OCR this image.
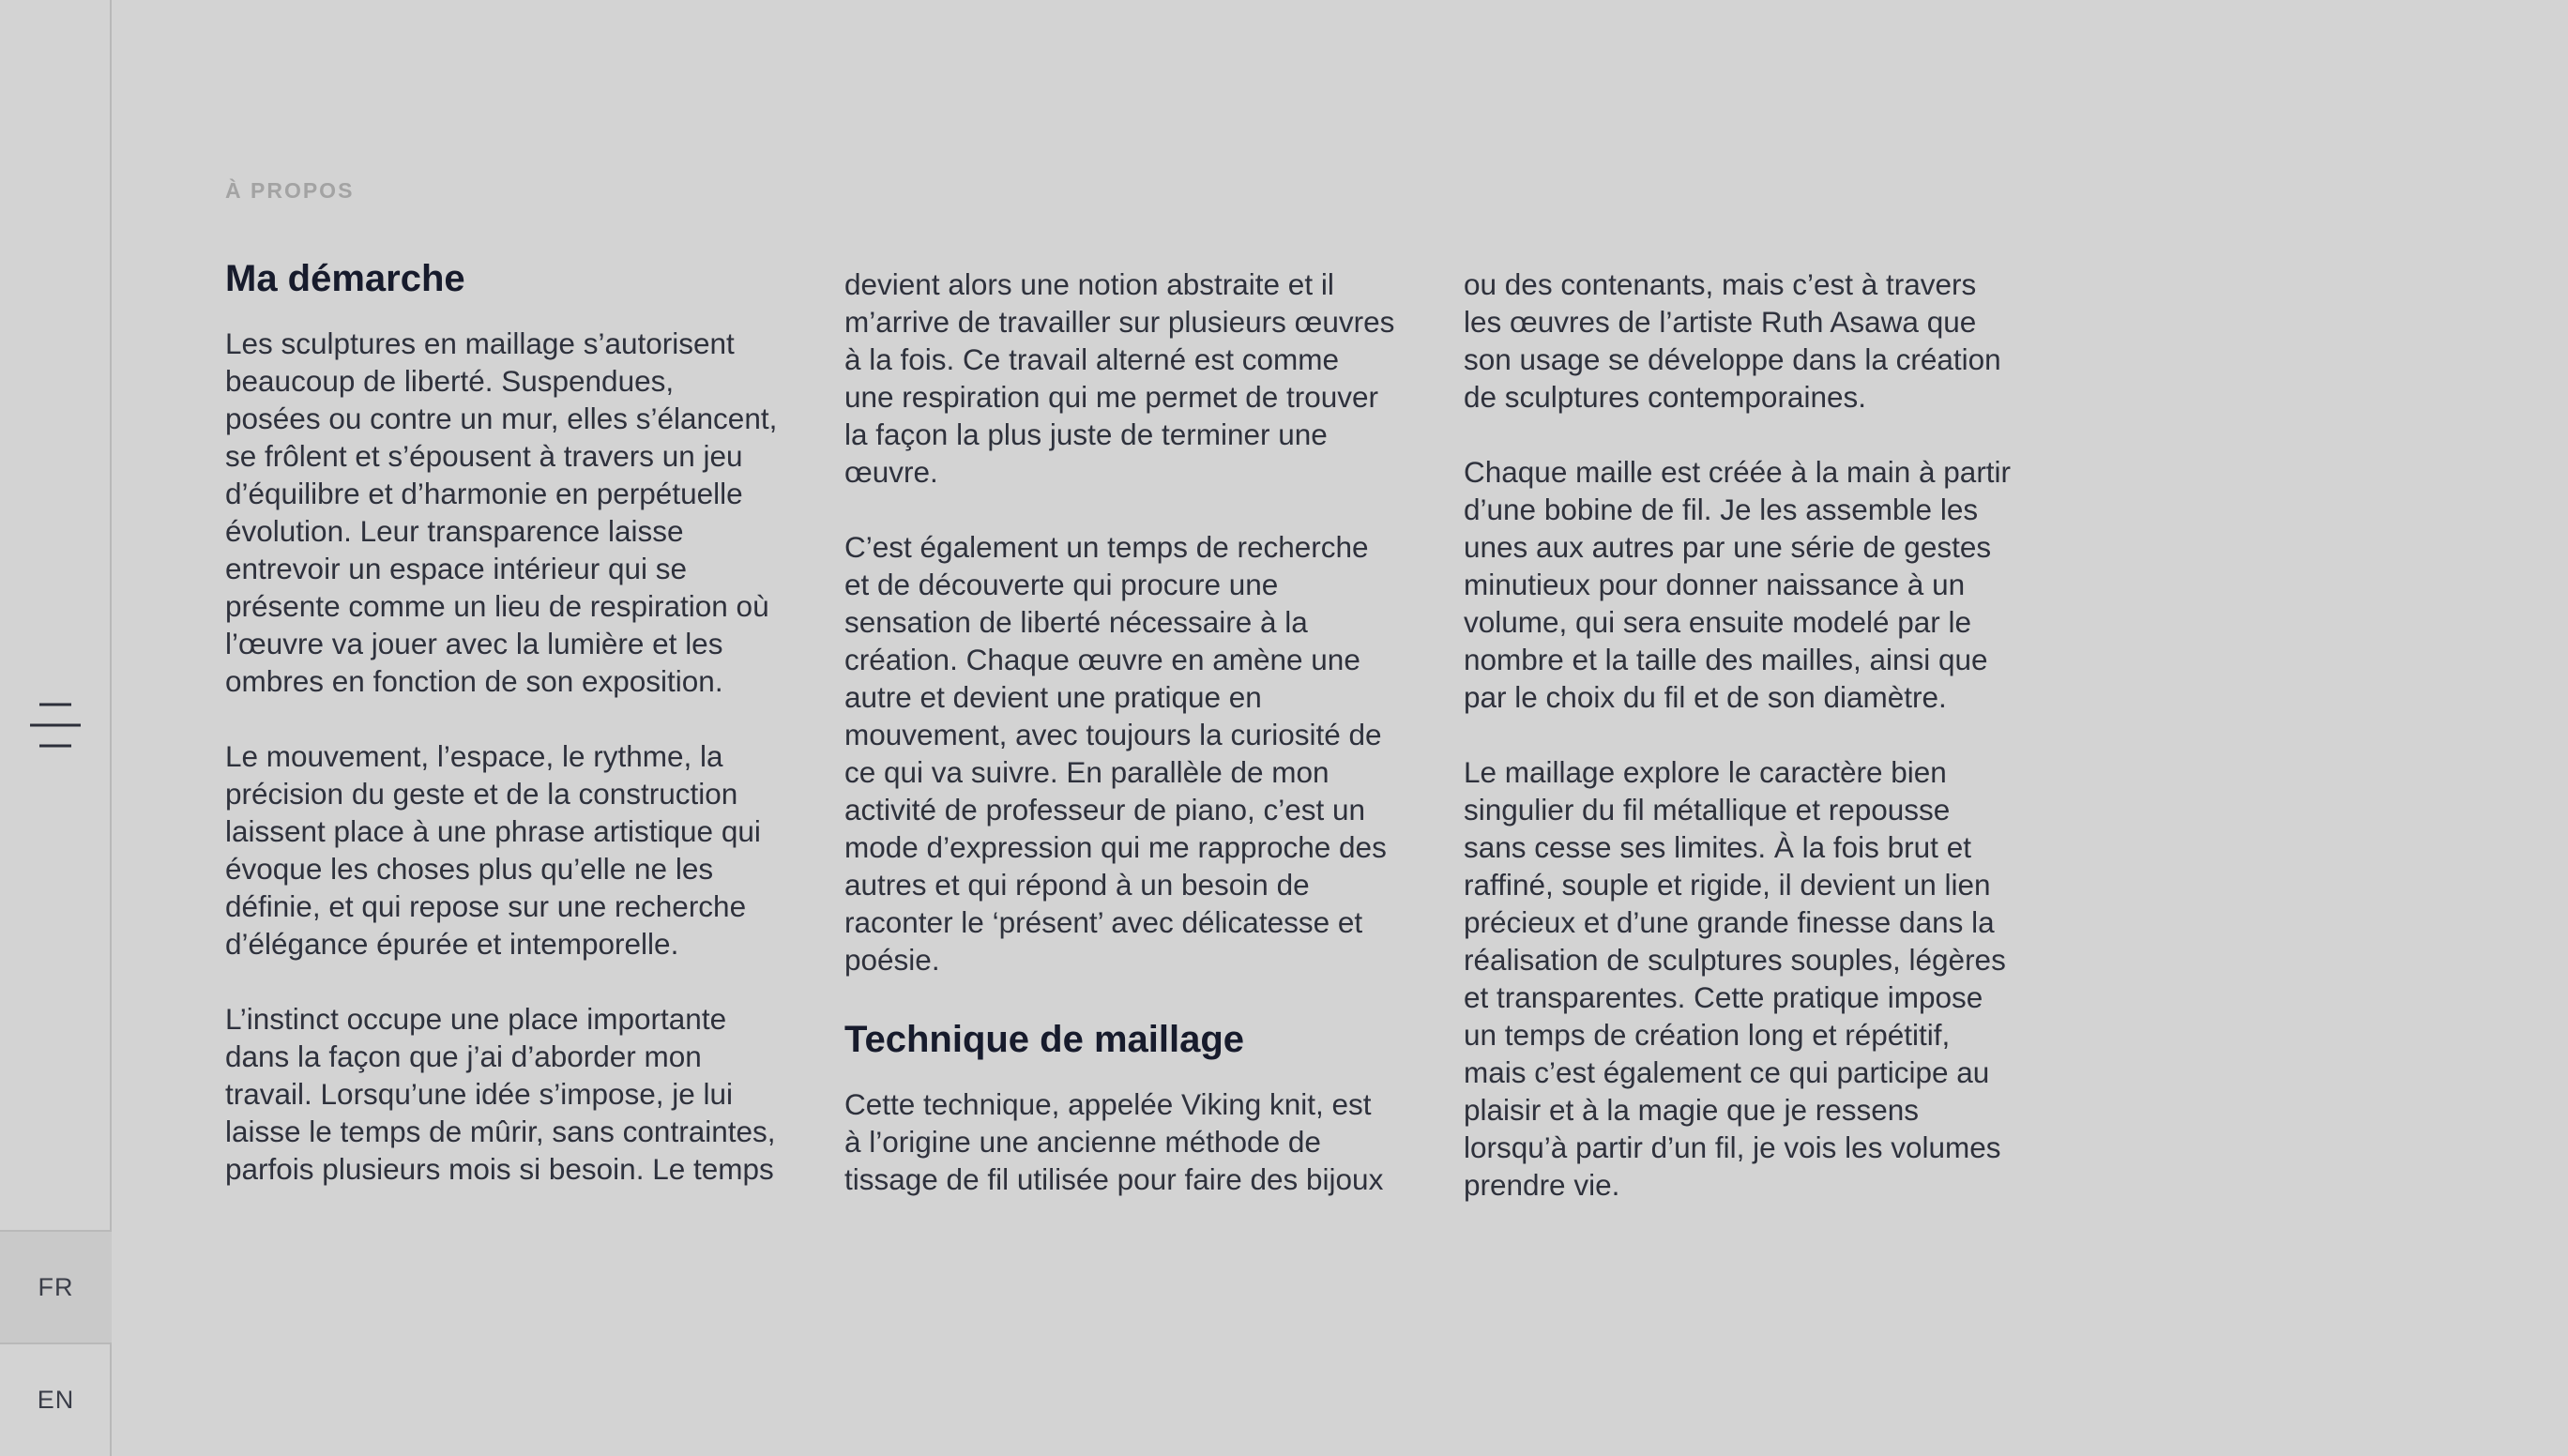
FR
EN
À PROPOS
Ma démarche

Les sculptures en maillage s’autorisent
beaucoup de liberté. Suspendues,
posées ou contre un mur, elles s’élancent,
se frôlent et s’épousent à travers un jeu
d’équilibre et d’harmonie en perpétuelle
évolution. Leur transparence laisse
entrevoir un espace intérieur qui se
présente comme un lieu de respiration où
l’œuvre va jouer avec la lumière et les
ombres en fonction de son exposition.

Le mouvement, l’espace, le rythme, la
précision du geste et de la construction
laissent place à une phrase artistique qui
évoque les choses plus qu’elle ne les
définie, et qui repose sur une recherche
d’élégance épurée et intemporelle.

L’instinct occupe une place importante
dans la façon que j’ai d’aborder mon
travail. Lorsqu’une idée s’impose, je lui
laisse le temps de mûrir, sans contraintes,
parfois plusieurs mois si besoin. Le temps

devient alors une notion abstraite et il
m’arrive de travailler sur plusieurs œuvres
à la fois. Ce travail alterné est comme
une respiration qui me permet de trouver
la façon la plus juste de terminer une
œuvre.

C’est également un temps de recherche
et de découverte qui procure une
sensation de liberté nécessaire à la
création. Chaque œuvre en amène une
autre et devient une pratique en
mouvement, avec toujours la curiosité de
ce qui va suivre. En parallèle de mon
activité de professeur de piano, c’est un
mode d’expression qui me rapproche des
autres et qui répond à un besoin de
raconter le ‘présent’ avec délicatesse et
poésie.

Technique de maillage

Cette technique, appelée Viking knit, est
à l’origine une ancienne méthode de
tissage de fil utilisée pour faire des bijoux

ou des contenants, mais c’est à travers
les œuvres de l’artiste Ruth Asawa que
son usage se développe dans la création
de sculptures contemporaines.

Chaque maille est créée à la main à partir
d’une bobine de fil. Je les assemble les
unes aux autres par une série de gestes
minutieux pour donner naissance à un
volume, qui sera ensuite modelé par le
nombre et la taille des mailles, ainsi que
par le choix du fil et de son diamètre.

Le maillage explore le caractère bien
singulier du fil métallique et repousse
sans cesse ses limites. À la fois brut et
raffiné, souple et rigide, il devient un lien
précieux et d’une grande finesse dans la
réalisation de sculptures souples, légères
et transparentes. Cette pratique impose
un temps de création long et répétitif,
mais c’est également ce qui participe au
plaisir et à la magie que je ressens
lorsqu’à partir d’un fil, je vois les volumes
prendre vie.
